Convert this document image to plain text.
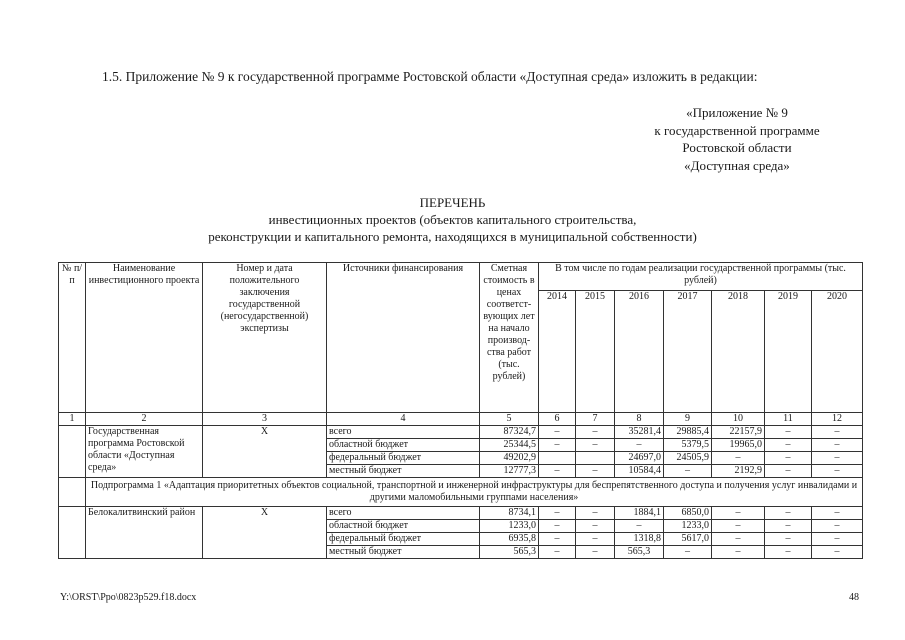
1.5. Приложение № 9 к государственной программе Ростовской области «Доступная среда» изложить в редакции:
«Приложение № 9
к государственной программе
Ростовской области
«Доступная среда»
ПЕРЕЧЕНЬ
инвестиционных проектов (объектов капитального строительства,
реконструкции и капитального ремонта, находящихся в муниципальной собственности)
№ п/п	Наименование инвестиционного проекта	Номер и дата положительного заключения государственной (негосударственной) экспертизы	Источники финансирования	Сметная стоимость в ценах соответст-вующих лет на начало производ-ства работ (тыс. рублей)	В том числе по годам реализации государственной программы (тыс. рублей)						
					2014	2015	2016	2017	2018	2019	2020
1	2	3	4	5	6	7	8	9	10	11	12
	Государственная программа Ростовской области «Доступная среда»	Х	всего	87324,7	–	–	35281,4	29885,4	22157,9	–	–
			областной бюджет	25344,5	–	–	–	5379,5	19965,0	–	–
			федеральный бюджет	49202,9			24697,0	24505,9	–	–	–
			местный бюджет	12777,3	–	–	10584,4	–	2192,9	–	–
	Подпрограмма 1 «Адаптация приоритетных объектов социальной, транспортной и инженерной инфраструктуры для беспрепятственного доступа и получения услуг инвалидами и другими маломобильными группами населения»										
	Белокалитвинский район	Х	всего	8734,1	–	–	1884,1	6850,0	–	–	–
			областной бюджет	1233,0	–	–	–	1233,0	–	–	–
			федеральный бюджет	6935,8	–	–	1318,8	5617,0	–	–	–
			местный бюджет	565,3	–	–	565,3	–	–	–	–
Y:\ORST\Ppo\0823p529.f18.docx	48
